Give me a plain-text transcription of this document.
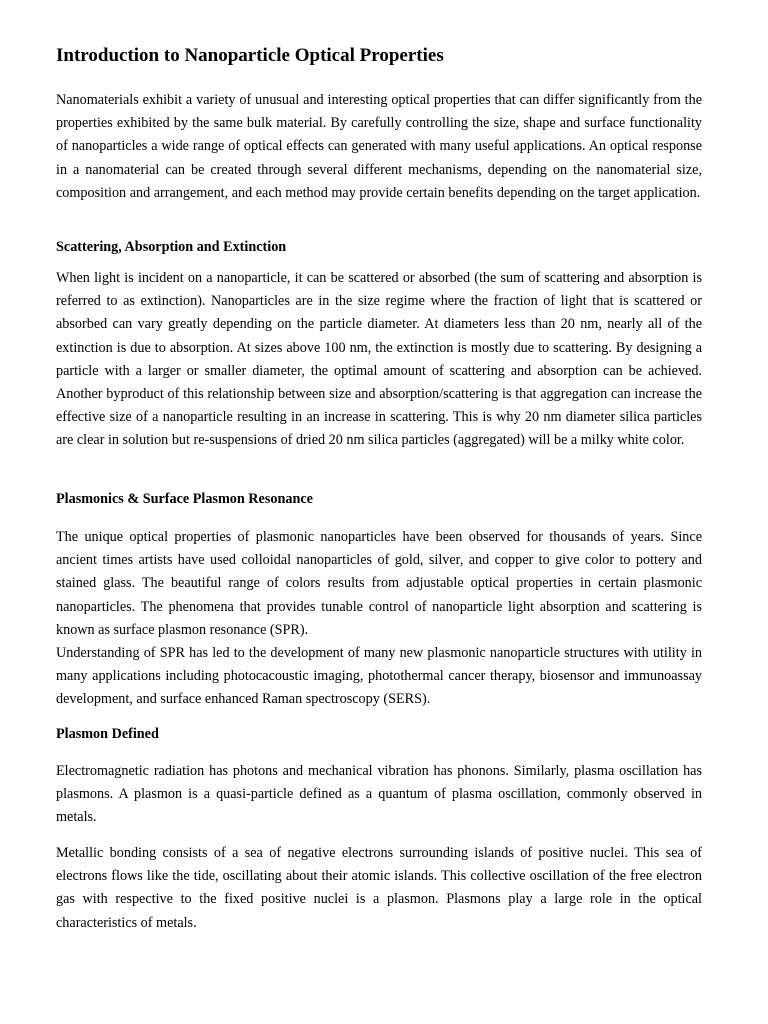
Introduction to Nanoparticle Optical Properties

Nanomaterials exhibit a variety of unusual and interesting optical properties that can differ significantly from the properties exhibited by the same bulk material. By carefully controlling the size, shape and surface functionality of nanoparticles a wide range of optical effects can generated with many useful applications. An optical response in a nanomaterial can be created through several different mechanisms, depending on the nanomaterial size, composition and arrangement, and each method may provide certain benefits depending on the target application.

Scattering, Absorption and Extinction

When light is incident on a nanoparticle, it can be scattered or absorbed (the sum of scattering and absorption is referred to as extinction). Nanoparticles are in the size regime where the fraction of light that is scattered or absorbed can vary greatly depending on the particle diameter. At diameters less than 20 nm, nearly all of the extinction is due to absorption. At sizes above 100 nm, the extinction is mostly due to scattering. By designing a particle with a larger or smaller diameter, the optimal amount of scattering and absorption can be achieved. Another byproduct of this relationship between size and absorption/scattering is that aggregation can increase the effective size of a nanoparticle resulting in an increase in scattering. This is why 20 nm diameter silica particles are clear in solution but re-suspensions of dried 20 nm silica particles (aggregated) will be a milky white color.

Plasmonics & Surface Plasmon Resonance
The unique optical properties of plasmonic nanoparticles have been observed for thousands of years. Since ancient times artists have used colloidal nanoparticles of gold, silver, and copper to give color to pottery and stained glass. The beautiful range of colors results from adjustable optical properties in certain plasmonic nanoparticles. The phenomena that provides tunable control of nanoparticle light absorption and scattering is known as surface plasmon resonance (SPR).
Understanding of SPR has led to the development of many new plasmonic nanoparticle structures with utility in many applications including photocacoustic imaging, photothermal cancer therapy, biosensor and immunoassay development, and surface enhanced Raman spectroscopy (SERS).
Plasmon Defined

Electromagnetic radiation has photons and mechanical vibration has phonons. Similarly, plasma oscillation has plasmons. A plasmon is a quasi-particle defined as a quantum of plasma oscillation, commonly observed in metals.

Metallic bonding consists of a sea of negative electrons surrounding islands of positive nuclei. This sea of electrons flows like the tide, oscillating about their atomic islands. This collective oscillation of the free electron gas with respective to the fixed positive nuclei is a plasmon. Plasmons play a large role in the optical characteristics of metals.
